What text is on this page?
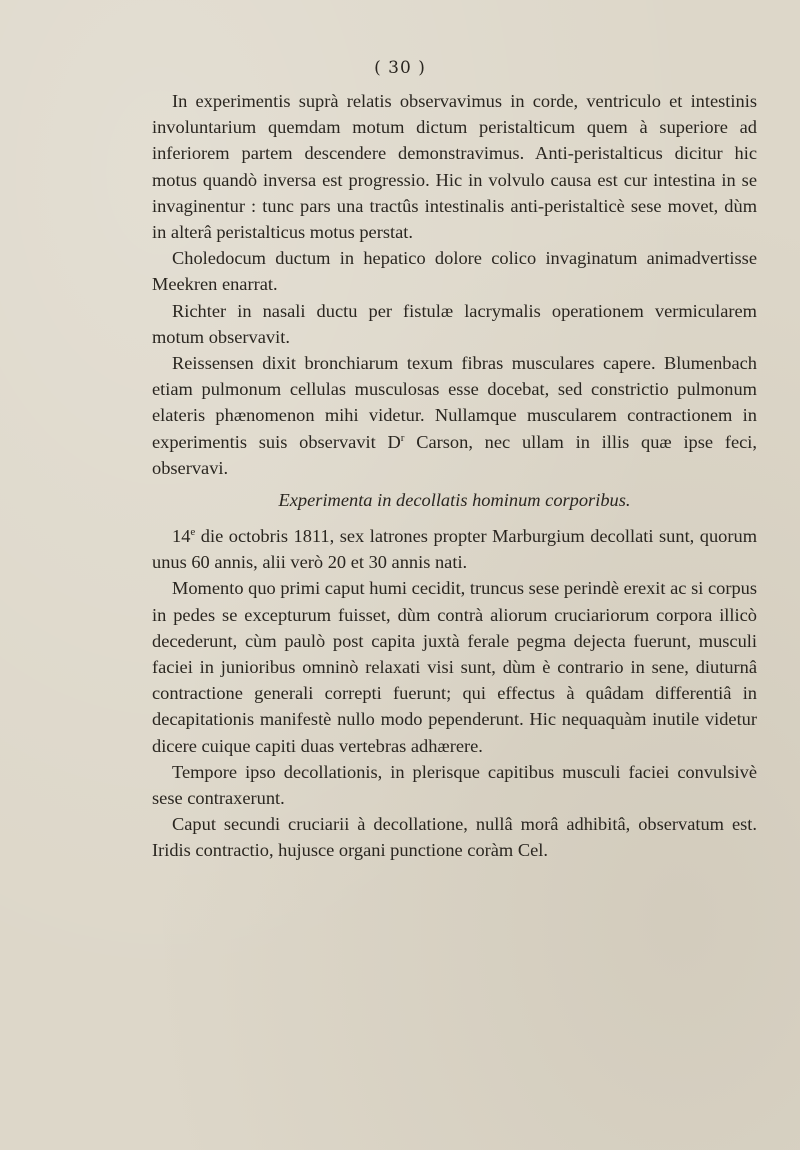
( 30 )

In experimentis suprà relatis observavimus in corde, ventriculo et intestinis involuntarium quemdam motum dictum peristalticum quem à superiore ad inferiorem partem descendere demonstravimus. Anti-peristalticus dicitur hic motus quandò inversa est progressio. Hic in volvulo causa est cur intestina in se invaginentur : tunc pars una tractûs intestinalis anti-peristalticè sese movet, dùm in alterâ peristalticus motus perstat.

Choledocum ductum in hepatico dolore colico invaginatum animadvertisse Meekren enarrat.

Richter in nasali ductu per fistulæ lacrymalis operationem vermicularem motum observavit.

Reissensen dixit bronchiarum texum fibras musculares capere. Blumenbach etiam pulmonum cellulas musculosas esse docebat, sed constrictio pulmonum elateris phænomenon mihi videtur. Nullamque muscularem contractionem in experimentis suis observavit $D^r$ Carson, nec ullam in illis quæ ipse feci, observavi.

Experimenta in decollatis hominum corporibus.

14e die octobris 1811, sex latrones propter Marburgium decollati sunt, quorum unus 60 annis, alii verò 20 et 30 annis nati.

Momento quo primi caput humi cecidit, truncus sese perindè erexit ac si corpus in pedes se excepturum fuisset, dùm contrà aliorum cruciariorum corpora illicò decederunt, cùm paulò post capita juxtà ferale pegma dejecta fuerunt, musculi faciei in junioribus omninò relaxati visi sunt, dùm è contrario in sene, diuturnâ contractione generali correpti fuerunt; qui effectus à quâdam differentiâ in decapitationis manifestè nullo modo pependerunt. Hic nequaquàm inutile videtur dicere cuique capiti duas vertebras adhærere.

Tempore ipso decollationis, in plerisque capitibus musculi faciei convulsivè sese contraxerunt.

Caput secundi cruciarii à decollatione, nullâ morâ adhibitâ, observatum est. Iridis contractio, hujusce organi punctione coràm Cel.
